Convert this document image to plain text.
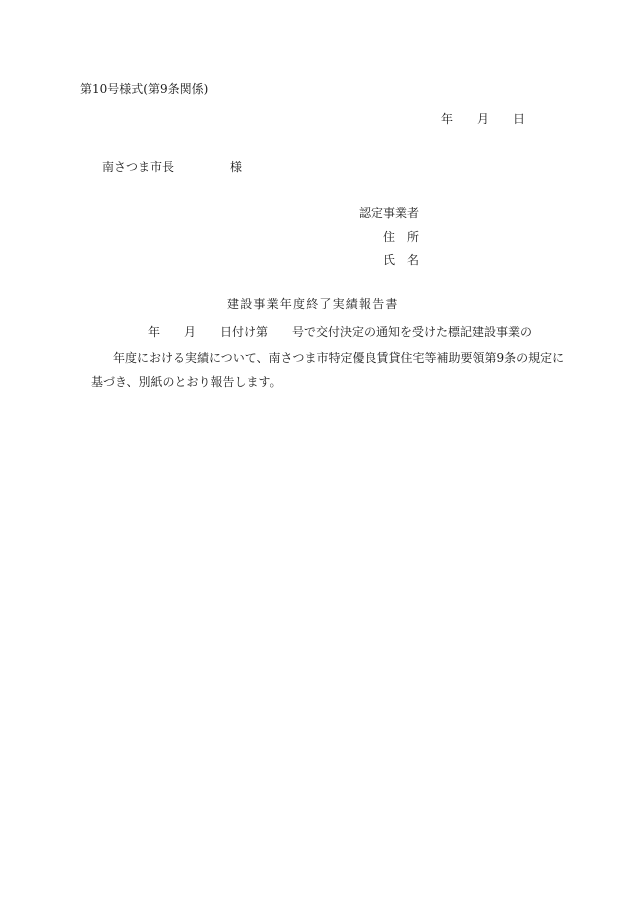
第10号様式(第9条関係)
年 月 日
南さつま市長	様
認定事業者
住所
氏名
建設事業年度終了実績報告書
年 月 日付け第 号で交付決定の通知を受けた標記建設事業の
年度における実績について、南さつま市特定優良賃貸住宅等補助要領第9条の規定に
基づき、別紙のとおり報告します。
